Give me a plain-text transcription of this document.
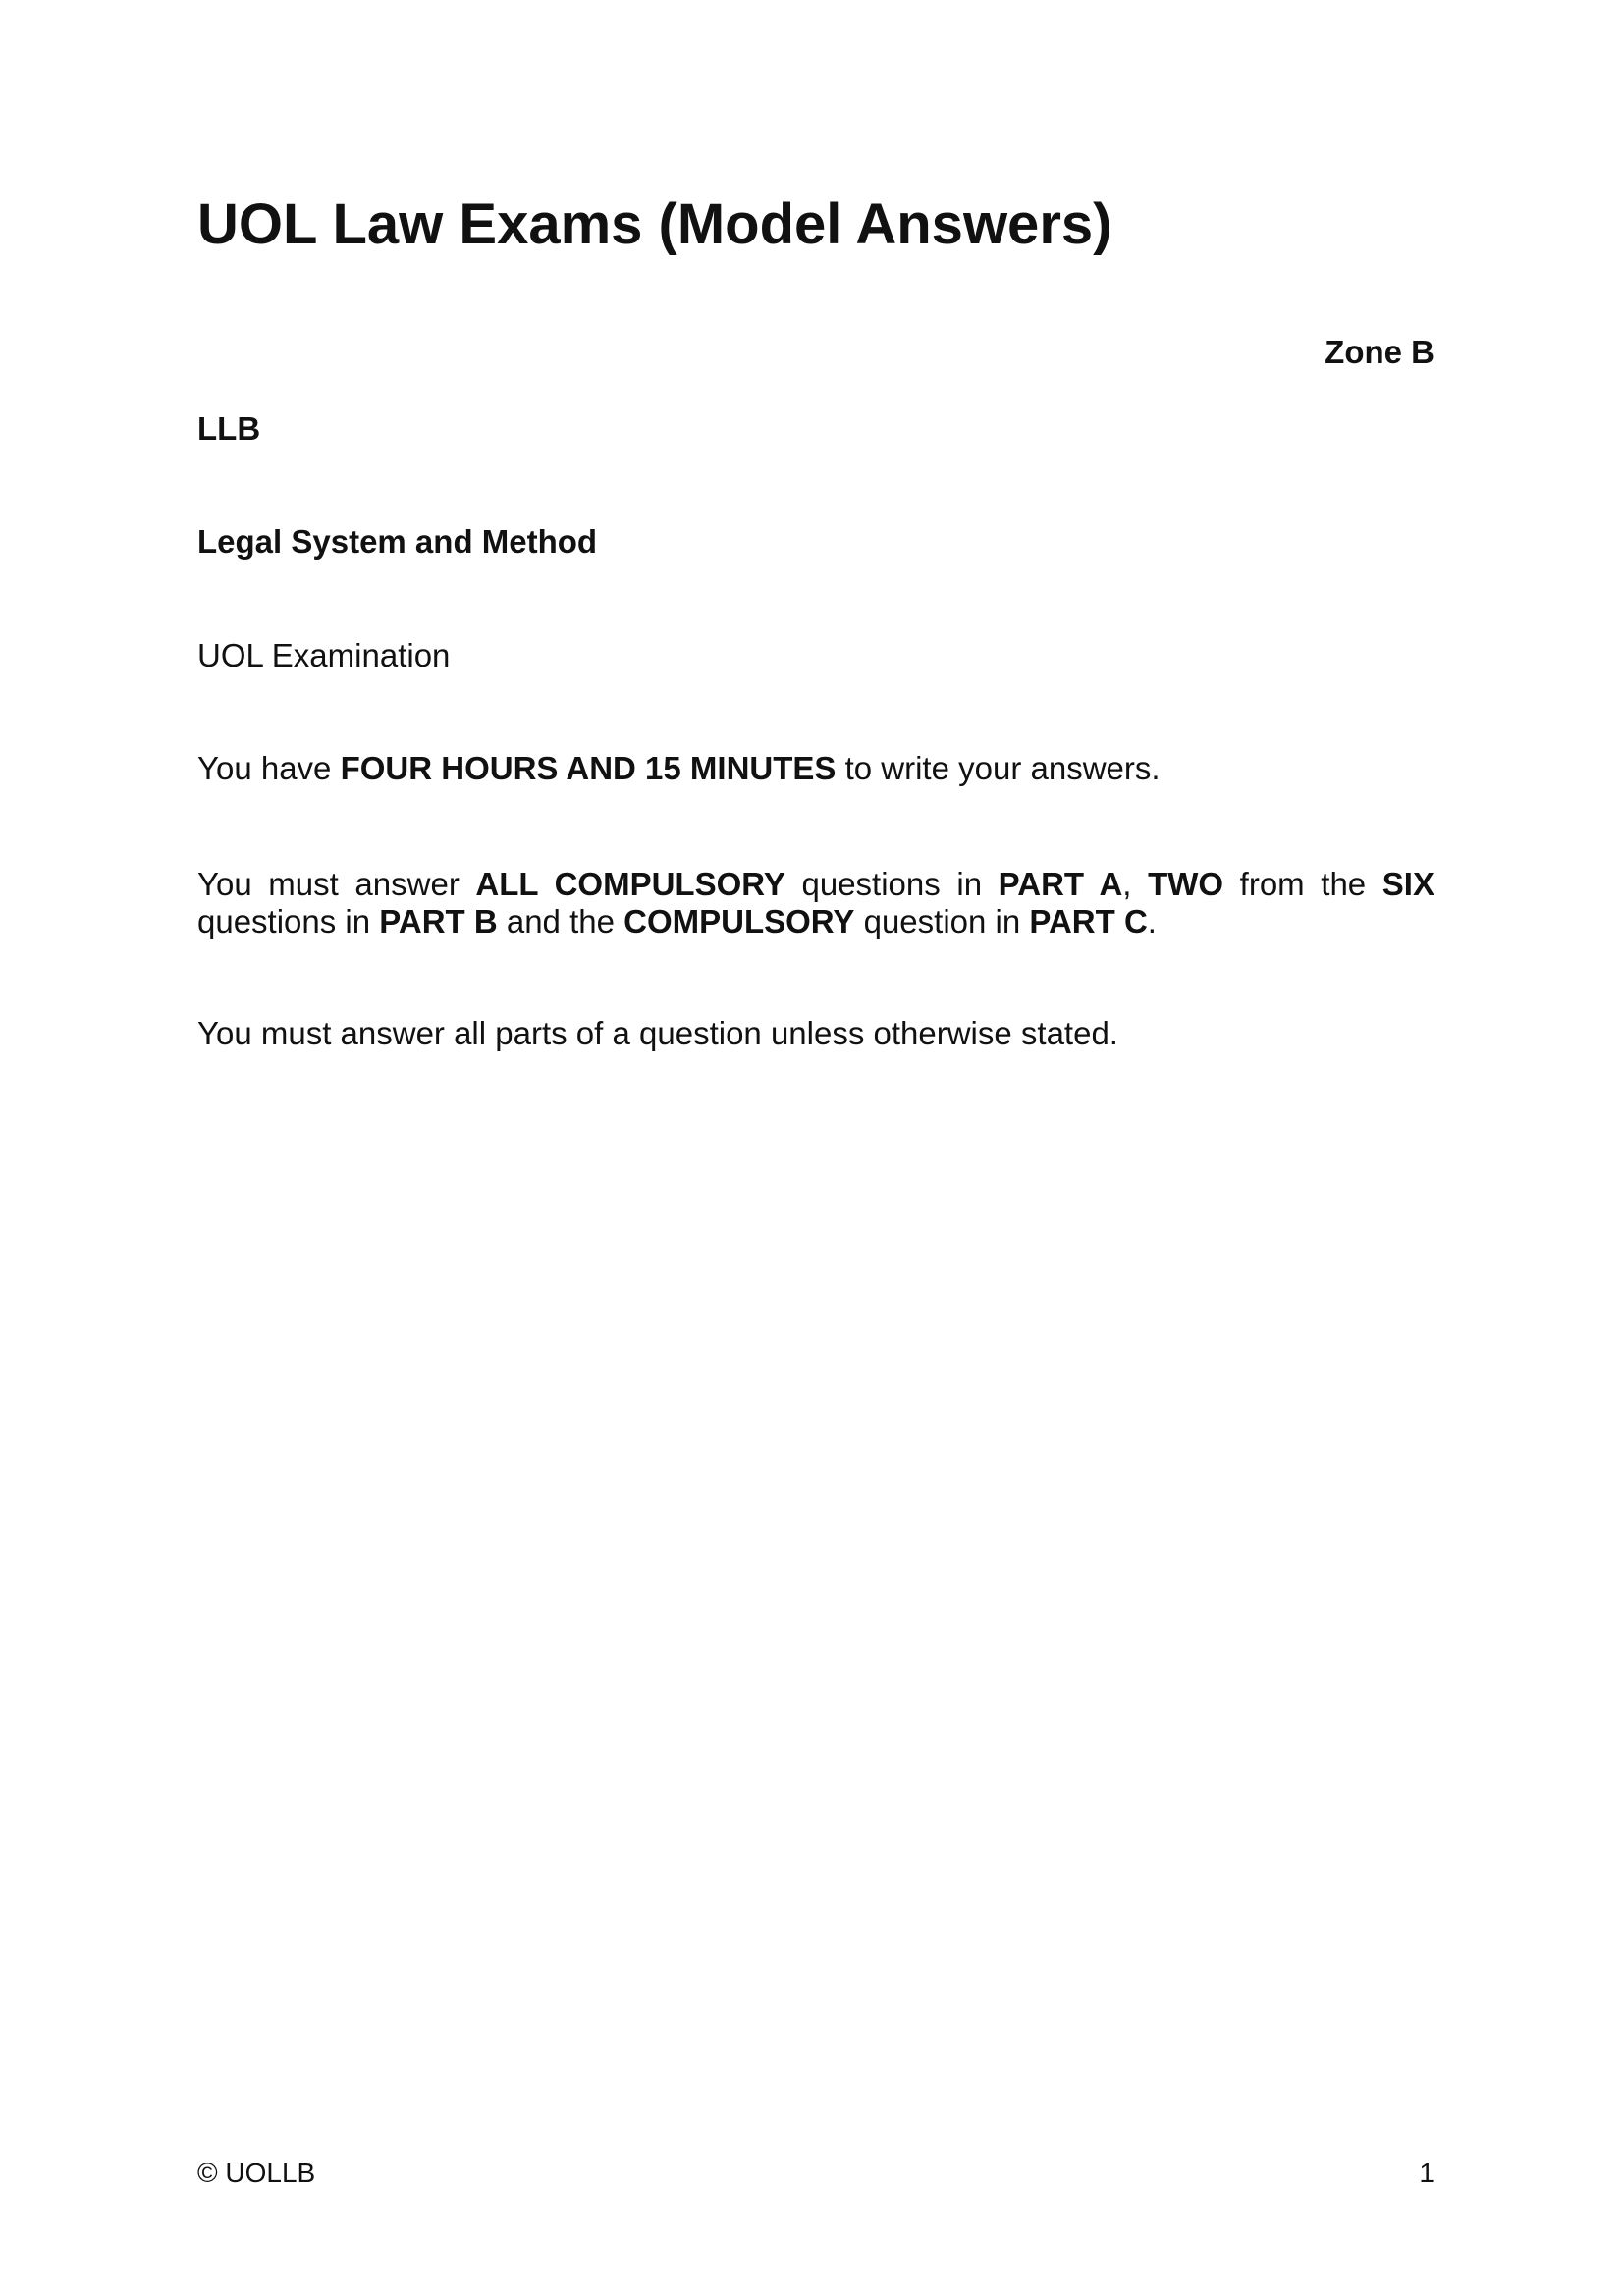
UOL Law Exams (Model Answers)
Zone B
LLB
Legal System and Method
UOL Examination

You have FOUR HOURS AND 15 MINUTES to write your answers.

You must answer ALL COMPULSORY questions in PART A, TWO from the SIX questions in PART B and the COMPULSORY question in PART C.

You must answer all parts of a question unless otherwise stated.

© UOLLB	1
